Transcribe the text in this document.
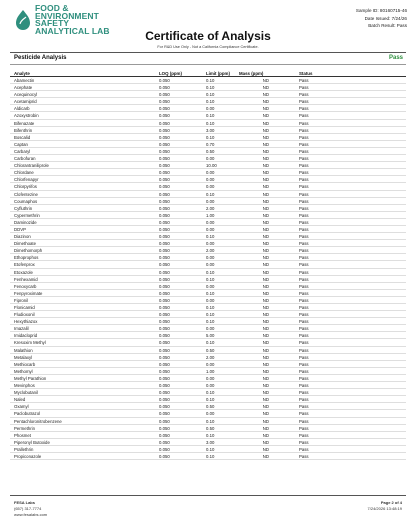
FOOD &
ENVIRONMENT
SAFETY
ANALYTICAL LAB
Sample ID: 80160715-46
Date Issued: 7/24/26
Batch Result: Pass
Certificate of Analysis
For R&D Use Only - Not a California Compliance Certificate.
Pesticide Analysis	Pass
Analyte	LOQ (ppm)	Limit (ppm)	Mass (ppm)	Status
Abamectin	0.050	0.10	ND	Pass
Acephate	0.050	0.10	ND	Pass
Acequinocyl	0.050	0.10	ND	Pass
Acetamiprid	0.050	0.10	ND	Pass
Aldicarb	0.050	0.00	ND	Pass
Azoxystrobin	0.050	0.10	ND	Pass
Bifenazate	0.050	0.10	ND	Pass
Bifenthrin	0.050	3.00	ND	Pass
Boscalid	0.050	0.10	ND	Pass
Captan	0.050	0.70	ND	Pass
Carbaryl	0.050	0.50	ND	Pass
Carbofuran	0.050	0.00	ND	Pass
Chlorantraniliprole	0.050	10.00	ND	Pass
Chlordane	0.050	0.00	ND	Pass
Chlorfenapyr	0.050	0.00	ND	Pass
Chlorpyrifos	0.050	0.00	ND	Pass
Clofentezine	0.050	0.10	ND	Pass
Coumaphos	0.050	0.00	ND	Pass
Cyfluthrin	0.050	2.00	ND	Pass
Cypermethrin	0.050	1.00	ND	Pass
Daminozide	0.050	0.00	ND	Pass
DDVP	0.050	0.00	ND	Pass
Diazinon	0.050	0.10	ND	Pass
Dimethoate	0.050	0.00	ND	Pass
Dimethomorph	0.050	2.00	ND	Pass
Ethoprophos	0.050	0.00	ND	Pass
Etofenprox	0.050	0.00	ND	Pass
Etoxazole	0.050	0.10	ND	Pass
Fenhexamid	0.050	0.10	ND	Pass
Fenoxycarb	0.050	0.00	ND	Pass
Fenpyroximate	0.050	0.10	ND	Pass
Fipronil	0.050	0.00	ND	Pass
Flonicamid	0.050	0.10	ND	Pass
Fludioxonil	0.050	0.10	ND	Pass
Hexythiazox	0.050	0.10	ND	Pass
Imazalil	0.050	0.00	ND	Pass
Imidacloprid	0.050	5.00	ND	Pass
Kresoxim Methyl	0.050	0.10	ND	Pass
Malathion	0.050	0.50	ND	Pass
Metalaxyl	0.050	2.00	ND	Pass
Methiocarb	0.050	0.00	ND	Pass
Methomyl	0.050	1.00	ND	Pass
Methyl Parathion	0.050	0.00	ND	Pass
Mevinphos	0.050	0.00	ND	Pass
Myclobutanil	0.050	0.10	ND	Pass
Naled	0.050	0.10	ND	Pass
Oxamyl	0.050	0.50	ND	Pass
Paclobutrazol	0.050	0.00	ND	Pass
Pentachloronitrobenzene	0.050	0.10	ND	Pass
Permethrin	0.050	0.50	ND	Pass
Phosmet	0.050	0.10	ND	Pass
Piperonyl Butoxide	0.050	3.00	ND	Pass
Prallethrin	0.050	0.10	ND	Pass
Propiconazole	0.050	0.10	ND	Pass
FESA Labs
(657) 317-7774
www.fesalabs.com
Page 2 of 4
7/24/2026 13:48:19
